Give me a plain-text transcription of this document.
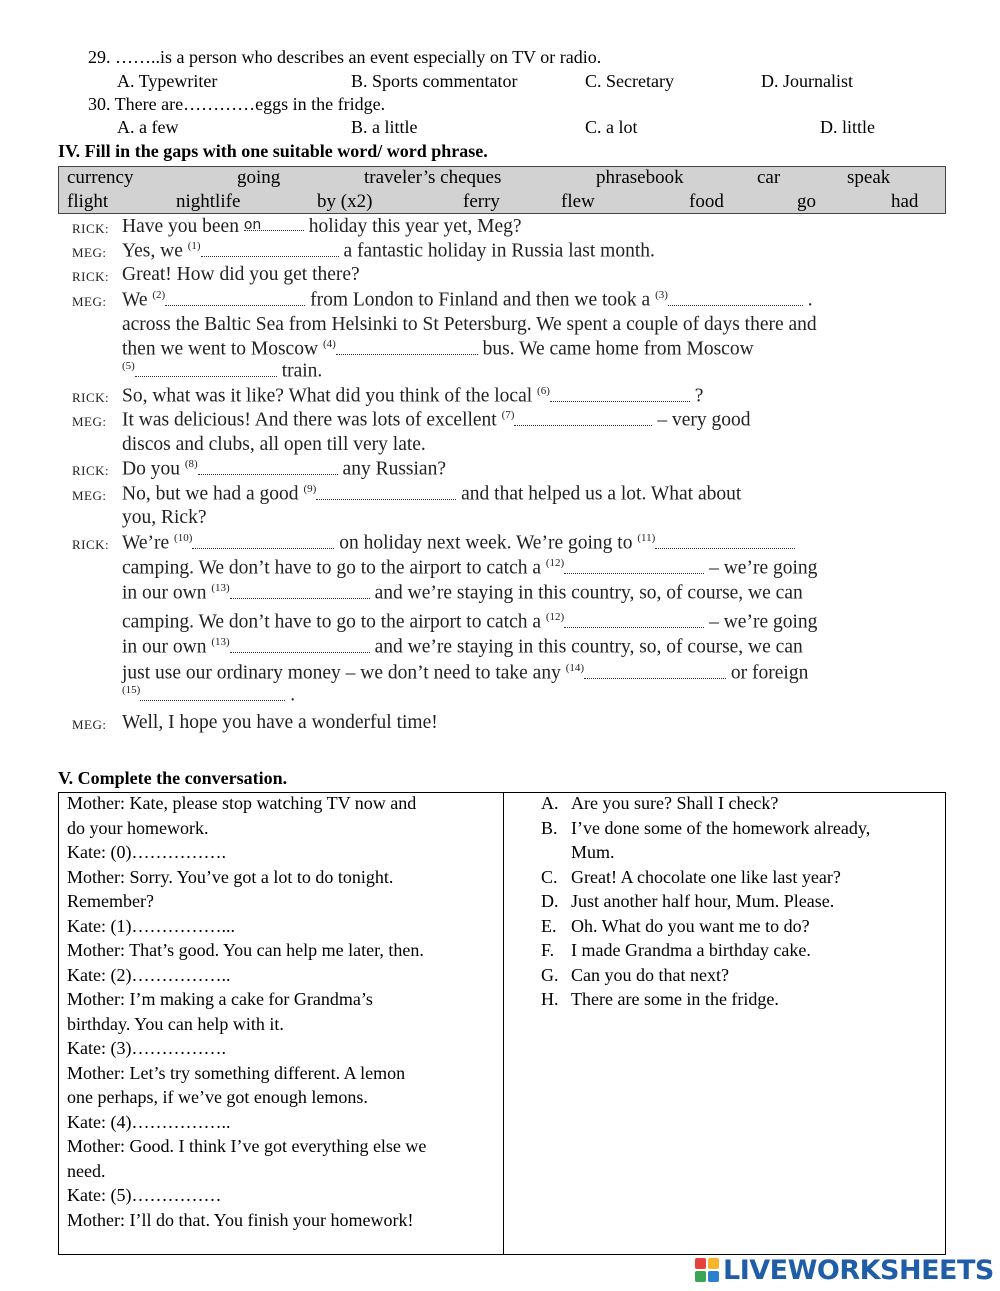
29. ……..is a person who describes an event especially on TV or radio.
A. Typewriter	B. Sports commentator	C. Secretary	D. Journalist
30. There are…………eggs in the fridge.
A. a few	B. a little	C. a lot	D. little
IV. Fill in the gaps with one suitable word/ word phrase.
currency	going	traveler’s cheques	phrasebook	car	speak
flight	nightlife	by (x2)	ferry	flew	food	go	had
RICK: Have you been on holiday this year yet, Meg?
MEG: Yes, we $^{(1)}$	a fantastic holiday in Russia last month.
RICK: Great! How did you get there?
MEG: We $^{(2)}$	from London to Finland and then we took a $^{(3)}$	.
across the Baltic Sea from Helsinki to St Petersburg. We spent a couple of days there and
then we went to Moscow $^{(4)}$	bus. We came home from Moscow
$^{(5)}$	train.
RICK: So, what was it like? What did you think of the local $^{(6)}$	?
MEG: It was delicious! And there was lots of excellent $^{(7)}$	– very good
discos and clubs, all open till very late.
RICK: Do you $^{(8)}$	any Russian?
MEG: No, but we had a good $^{(9)}$	and that helped us a lot. What about
you, Rick?
RICK: We’re $^{(10)}$	on holiday next week. We’re going to $^{(11)}$
camping. We don’t have to go to the airport to catch a $^{(12)}$	– we’re going
in our own $^{(13)}$	and we’re staying in this country, so, of course, we can
camping. We don’t have to go to the airport to catch a $^{(12)}$	– we’re going
in our own $^{(13)}$	and we’re staying in this country, so, of course, we can
just use our ordinary money – we don’t need to take any $^{(14)}$	or foreign
$^{(15)}$	.
MEG: Well, I hope you have a wonderful time!
V. Complete the conversation.
Mother: Kate, please stop watching TV now and
do your homework.
Kate: (0)…………….
Mother: Sorry. You’ve got a lot to do tonight.
Remember?
Kate: (1)……………...
Mother: That’s good. You can help me later, then.
Kate: (2)……………..
Mother: I’m making a cake for Grandma’s
birthday. You can help with it.
Kate: (3)…………….
Mother: Let’s try something different. A lemon
one perhaps, if we’ve got enough lemons.
Kate: (4)……………..
Mother: Good. I think I’ve got everything else we
need.
Kate: (5)……………
Mother: I’ll do that. You finish your homework!

A. Are you sure? Shall I check?
B. I’ve done some of the homework already,
Mum.
C. Great! A chocolate one like last year?
D. Just another half hour, Mum. Please.
E. Oh. What do you want me to do?
F. I made Grandma a birthday cake.
G. Can you do that next?
H. There are some in the fridge.
LIVEWORKSHEETS
